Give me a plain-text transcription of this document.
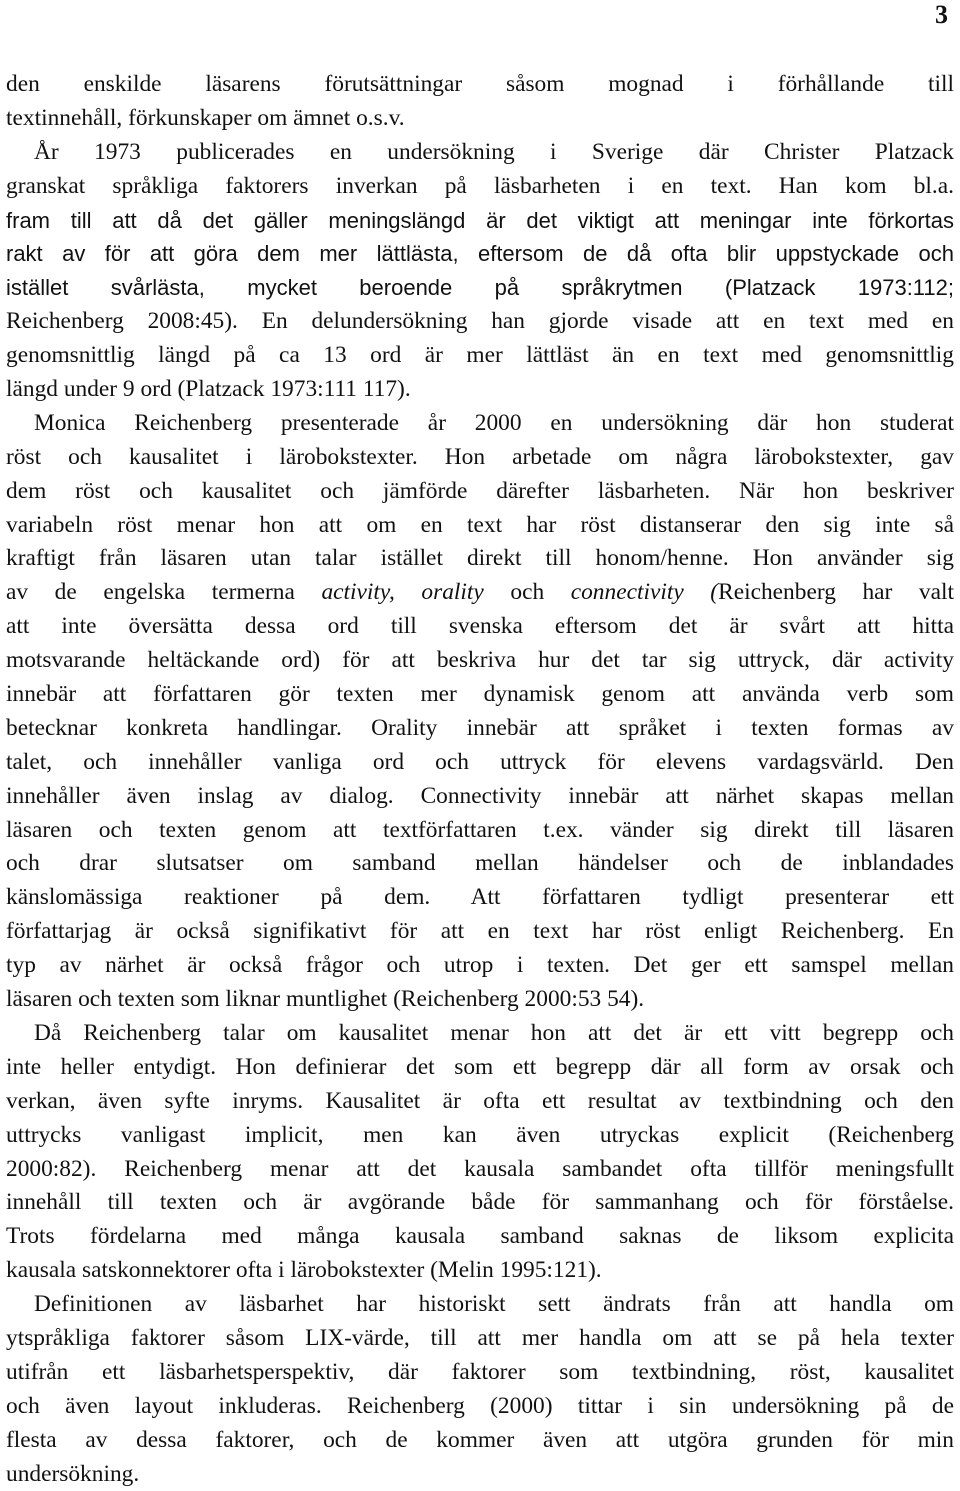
3
den enskilde läsarens förutsättningar såsom mognad i förhållande till
textinnehåll, förkunskaper om ämnet o.s.v.
År 1973 publicerades en undersökning i Sverige där Christer Platzack
granskat språkliga faktorers inverkan på läsbarheten i en text. Han kom bl.a.
fram till att då det gäller meningslängd är det viktigt att meningar inte förkortas
rakt av för att göra dem mer lättlästa, eftersom de då ofta blir uppstyckade och
istället svårlästa, mycket beroende på språkrytmen (Platzack 1973:112;
Reichenberg 2008:45). En delundersökning han gjorde visade att en text med en
genomsnittlig längd på ca 13 ord är mer lättläst än en text med genomsnittlig
längd under 9 ord (Platzack 1973:111 117).
Monica Reichenberg presenterade år 2000 en undersökning där hon studerat
röst och kausalitet i lärobokstexter. Hon arbetade om några lärobokstexter, gav
dem röst och kausalitet och jämförde därefter läsbarheten. När hon beskriver
variabeln röst menar hon att om en text har röst distanserar den sig inte så
kraftigt från läsaren utan talar istället direkt till honom/henne. Hon använder sig
av de engelska termerna activity, orality och connectivity (Reichenberg har valt
att inte översätta dessa ord till svenska eftersom det är svårt att hitta
motsvarande heltäckande ord) för att beskriva hur det tar sig uttryck, där activity
innebär att författaren gör texten mer dynamisk genom att använda verb som
betecknar konkreta handlingar. Orality innebär att språket i texten formas av
talet, och innehåller vanliga ord och uttryck för elevens vardagsvärld. Den
innehåller även inslag av dialog. Connectivity innebär att närhet skapas mellan
läsaren och texten genom att textförfattaren t.ex. vänder sig direkt till läsaren
och drar slutsatser om samband mellan händelser och de inblandades
känslomässiga reaktioner på dem. Att författaren tydligt presenterar ett
författarjag är också signifikativt för att en text har röst enligt Reichenberg. En
typ av närhet är också frågor och utrop i texten. Det ger ett samspel mellan
läsaren och texten som liknar muntlighet (Reichenberg 2000:53 54).
Då Reichenberg talar om kausalitet menar hon att det är ett vitt begrepp och
inte heller entydigt. Hon definierar det som ett begrepp där all form av orsak och
verkan, även syfte inryms. Kausalitet är ofta ett resultat av textbindning och den
uttrycks vanligast implicit, men kan även utryckas explicit (Reichenberg
2000:82). Reichenberg menar att det kausala sambandet ofta tillför meningsfullt
innehåll till texten och är avgörande både för sammanhang och för förståelse.
Trots fördelarna med många kausala samband saknas de liksom explicita
kausala satskonnektorer ofta i lärobokstexter (Melin 1995:121).
Definitionen av läsbarhet har historiskt sett ändrats från att handla om
ytspråkliga faktorer såsom LIX-värde, till att mer handla om att se på hela texter
utifrån ett läsbarhetsperspektiv, där faktorer som textbindning, röst, kausalitet
och även layout inkluderas. Reichenberg (2000) tittar i sin undersökning på de
flesta av dessa faktorer, och de kommer även att utgöra grunden för min
undersökning.
